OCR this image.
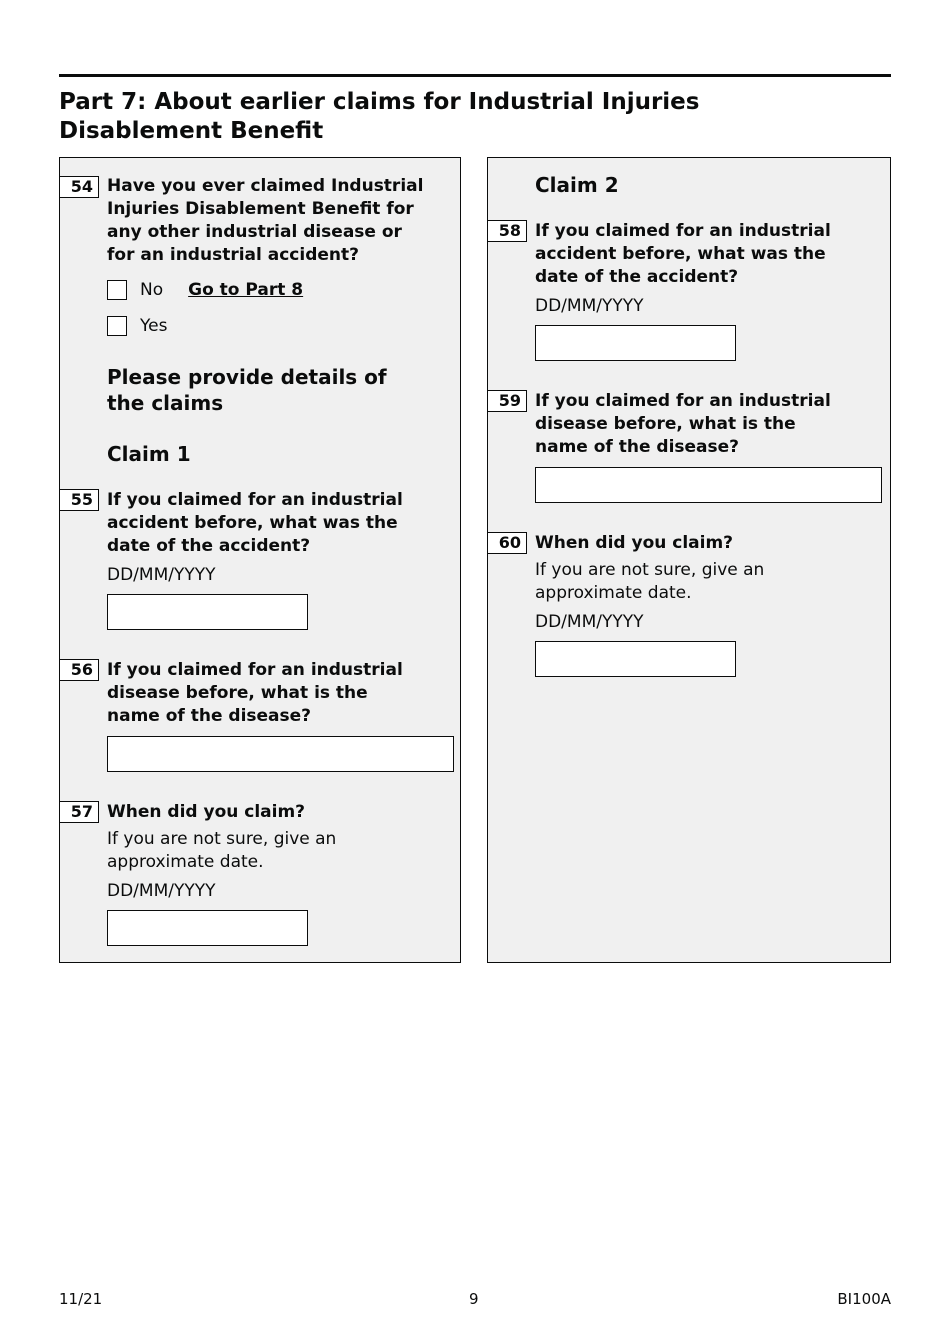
Part 7: About earlier claims for Industrial Injuries Disablement Benefit
54 Have you ever claimed Industrial Injuries Disablement Benefit for any other industrial disease or for an industrial accident?
No Go to Part 8
Yes
Please provide details of the claims
Claim 1
55 If you claimed for an industrial accident before, what was the date of the accident?
DD/MM/YYYY
56 If you claimed for an industrial disease before, what is the name of the disease?
57 When did you claim?
If you are not sure, give an approximate date.
DD/MM/YYYY
Claim 2
58 If you claimed for an industrial accident before, what was the date of the accident?
DD/MM/YYYY
59 If you claimed for an industrial disease before, what is the name of the disease?
60 When did you claim?
If you are not sure, give an approximate date.
DD/MM/YYYY
11/21	9	BI100A
